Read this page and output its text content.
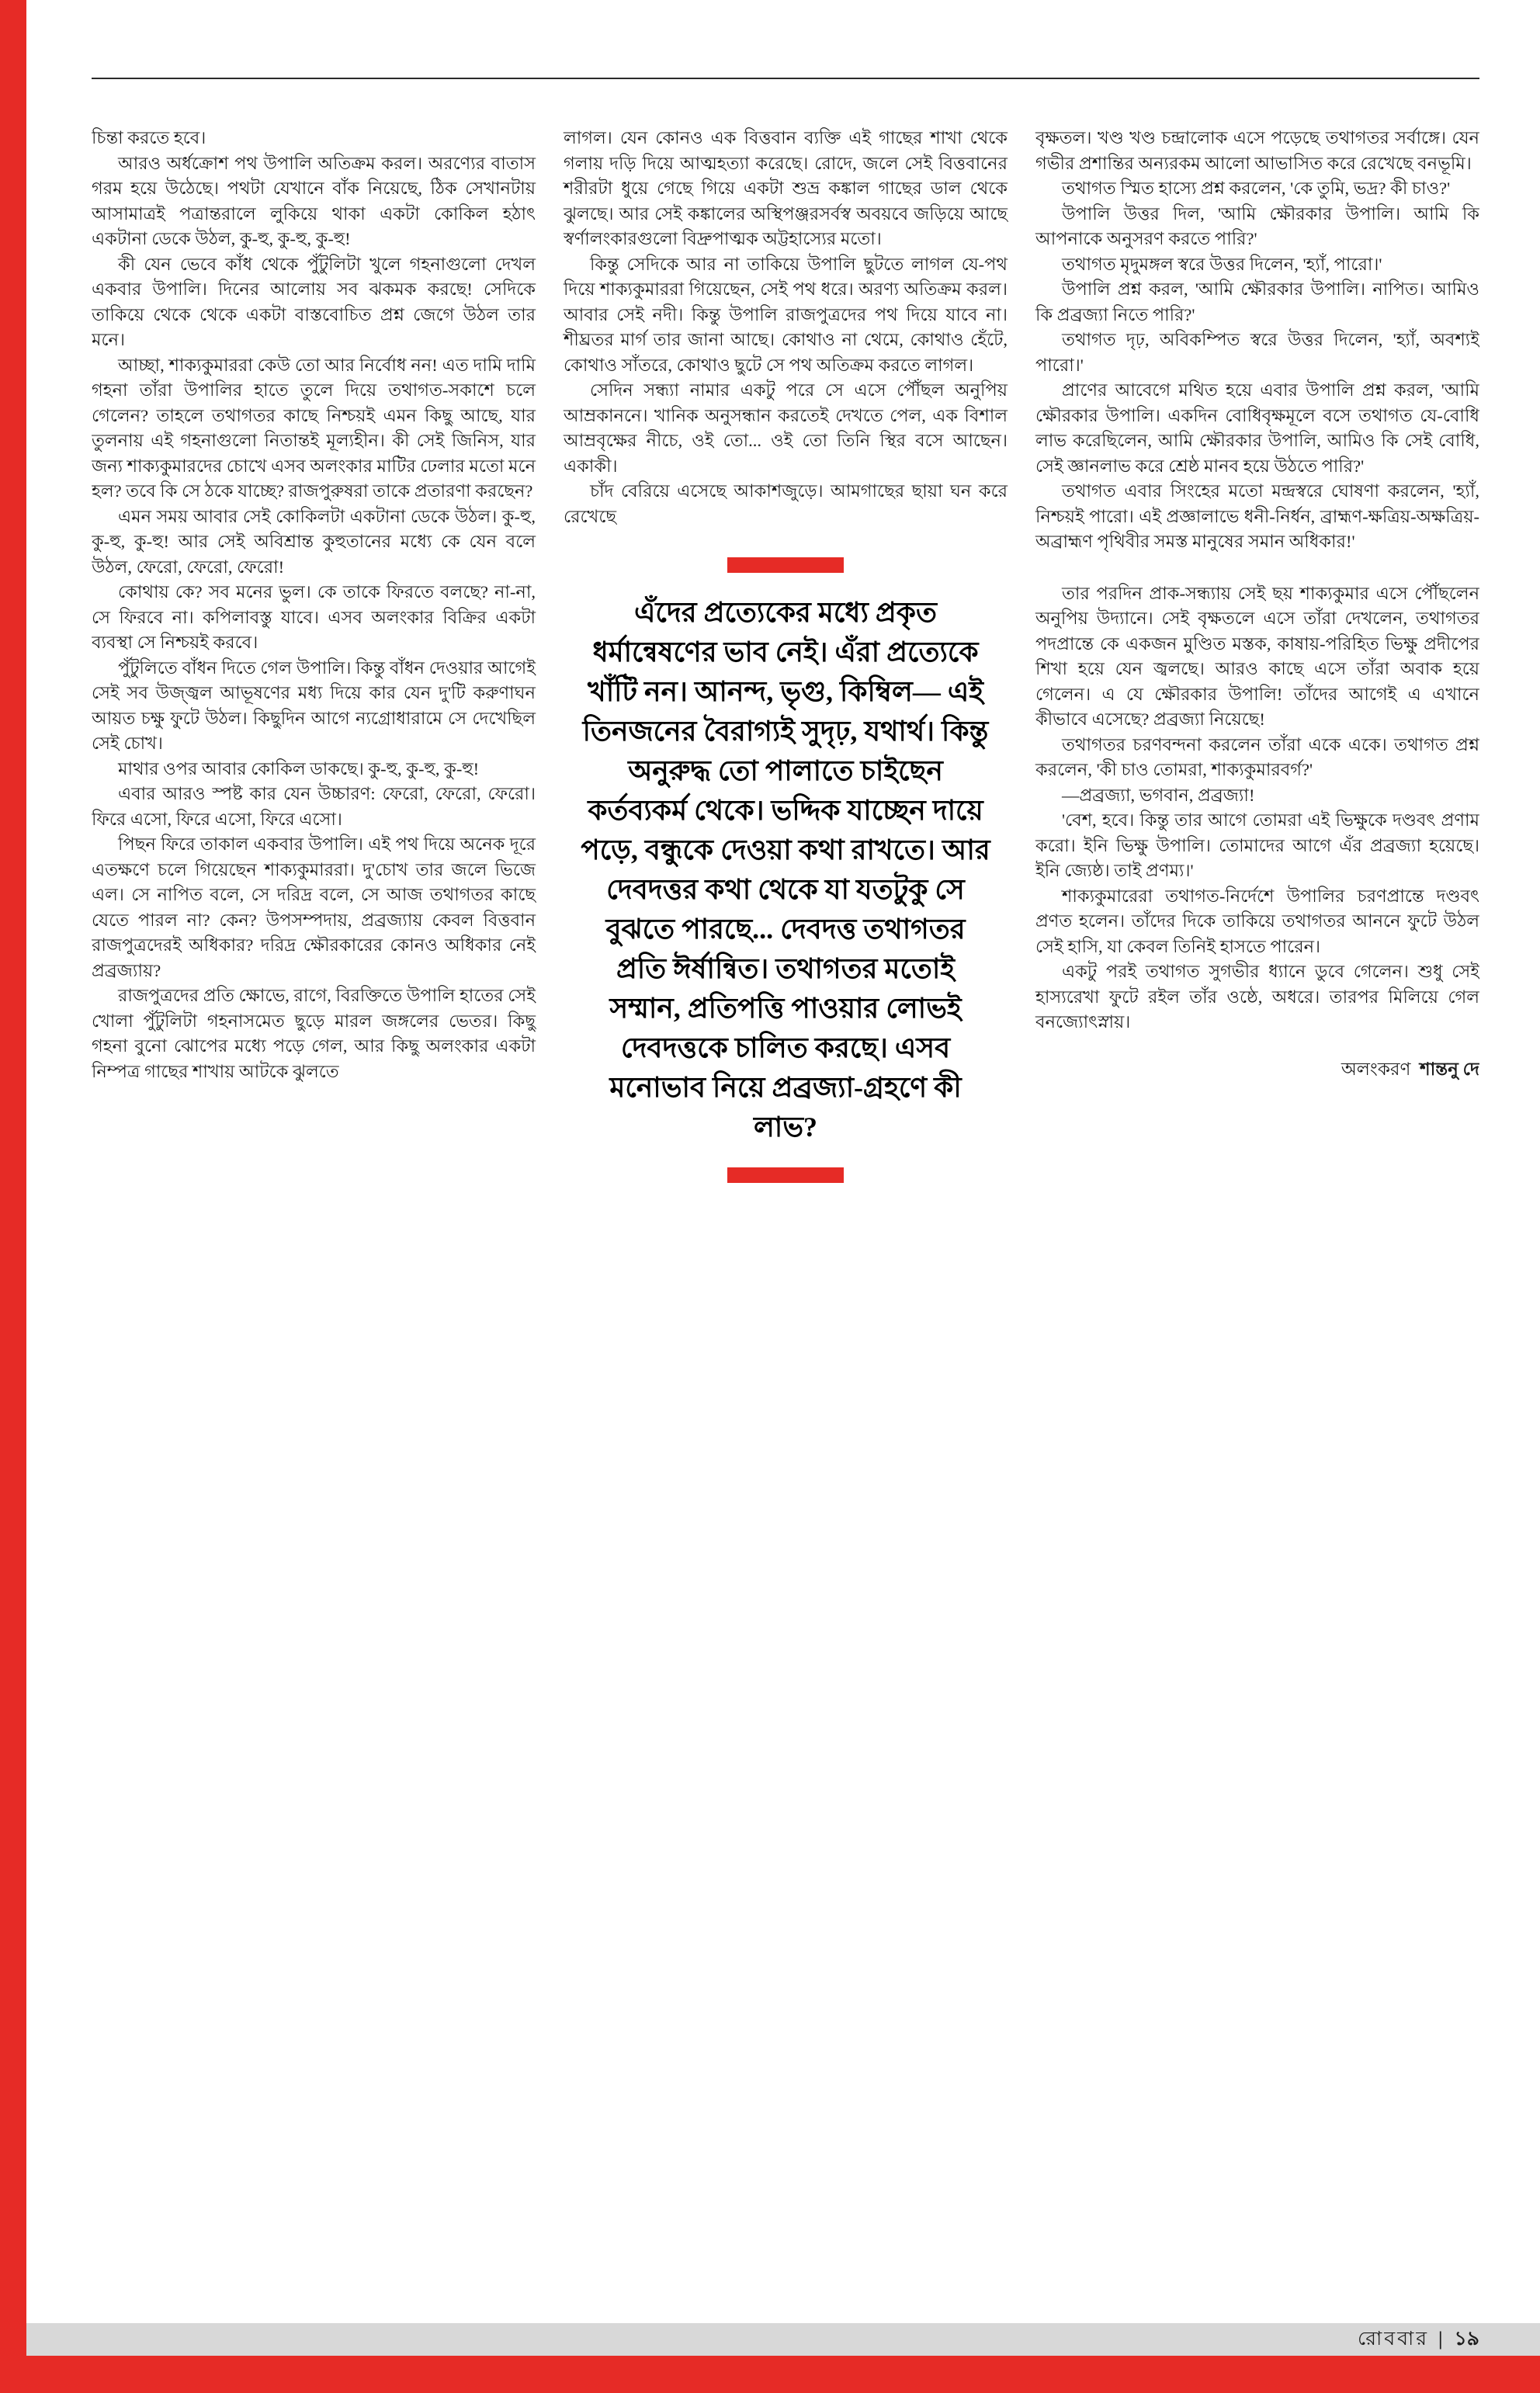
চিন্তা করতে হবে।

আরও অর্ধক্রোশ পথ উপালি অতিক্রম করল। অরণ্যের বাতাস গরম হয়ে উঠেছে। পথটা যেখানে বাঁক নিয়েছে, ঠিক সেখানটায় আসামাত্রই পত্রান্তরালে লুকিয়ে থাকা একটা কোকিল হঠাৎ একটানা ডেকে উঠল, কু-হু, কু-হু, কু-হু!

কী যেন ভেবে কাঁধ থেকে পুঁটুলিটা খুলে গহনাগুলো দেখল একবার উপালি। দিনের আলোয় সব ঝকমক করছে! সেদিকে তাকিয়ে থেকে থেকে একটা বাস্তবোচিত প্রশ্ন জেগে উঠল তার মনে।

আচ্ছা, শাক্যকুমাররা কেউ তো আর নির্বোধ নন! এত দামি দামি গহনা তাঁরা উপালির হাতে তুলে দিয়ে তথাগত-সকাশে চলে গেলেন? তাহলে তথাগতর কাছে নিশ্চয়ই এমন কিছু আছে, যার তুলনায় এই গহনাগুলো নিতান্তই মূল্যহীন। কী সেই জিনিস, যার জন্য শাক্যকুমারদের চোখে এসব অলংকার মাটির ঢেলার মতো মনে হল? তবে কি সে ঠকে যাচ্ছে? রাজপুরুষরা তাকে প্রতারণা করছেন?

এমন সময় আবার সেই কোকিলটা একটানা ডেকে উঠল। কু-হু, কু-হু, কু-হু! আর সেই অবিশ্রান্ত কুহুতানের মধ্যে কে যেন বলে উঠল, ফেরো, ফেরো, ফেরো!

কোথায় কে? সব মনের ভুল। কে তাকে ফিরতে বলছে? না-না, সে ফিরবে না। কপিলাবস্তু যাবে। এসব অলংকার বিক্রির একটা ব্যবস্থা সে নিশ্চয়ই করবে।

পুঁটুলিতে বাঁধন দিতে গেল উপালি। কিন্তু বাঁধন দেওয়ার আগেই সেই সব উজ্জ্বল আভূষণের মধ্য দিয়ে কার যেন দু'টি করুণাঘন আয়ত চক্ষু ফুটে উঠল। কিছুদিন আগে ন্যগ্রোধারামে সে দেখেছিল সেই চোখ।

মাথার ওপর আবার কোকিল ডাকছে। কু-হু, কু-হু, কু-হু!

এবার আরও স্পষ্ট কার যেন উচ্চারণ: ফেরো, ফেরো, ফেরো। ফিরে এসো, ফিরে এসো, ফিরে এসো।

পিছন ফিরে তাকাল একবার উপালি। এই পথ দিয়ে অনেক দূরে এতক্ষণে চলে গিয়েছেন শাক্যকুমাররা। দু'চোখ তার জলে ভিজে এল। সে নাপিত বলে, সে দরিদ্র বলে, সে আজ তথাগতর কাছে যেতে পারল না? কেন? উপসম্পদায়, প্রব্রজ্যায় কেবল বিত্তবান রাজপুত্রদেরই অধিকার? দরিদ্র ক্ষৌরকারের কোনও অধিকার নেই প্রব্রজ্যায়?

রাজপুত্রদের প্রতি ক্ষোভে, রাগে, বিরক্তিতে উপালি হাতের সেই খোলা পুঁটুলিটা গহনাসমেত ছুড়ে মারল জঙ্গলের ভেতর। কিছু গহনা বুনো ঝোপের মধ্যে পড়ে গেল, আর কিছু অলংকার একটা নিম্পত্র গাছের শাখায় আটকে ঝুলতে

লাগল। যেন কোনও এক বিত্তবান ব্যক্তি এই গাছের শাখা থেকে গলায় দড়ি দিয়ে আত্মহত্যা করেছে। রোদে, জলে সেই বিত্তবানের শরীরটা ধুয়ে গেছে গিয়ে একটা শুভ্র কঙ্কাল গাছের ডাল থেকে ঝুলছে। আর সেই কঙ্কালের অস্থিপঞ্জরসর্বস্ব অবয়বে জড়িয়ে আছে স্বর্ণালংকারগুলো বিদ্রুপাত্মক অট্টহাস্যের মতো।

কিন্তু সেদিকে আর না তাকিয়ে উপালি ছুটতে লাগল যে-পথ দিয়ে শাক্যকুমাররা গিয়েছেন, সেই পথ ধরে। অরণ্য অতিক্রম করল। আবার সেই নদী। কিন্তু উপালি রাজপুত্রদের পথ দিয়ে যাবে না। শীঘ্রতর মার্গ তার জানা আছে। কোথাও না থেমে, কোথাও হেঁটে, কোথাও সাঁতরে, কোথাও ছুটে সে পথ অতিক্রম করতে লাগল।

সেদিন সন্ধ্যা নামার একটু পরে সে এসে পৌঁছল অনুপিয় আম্রকাননে। খানিক অনুসন্ধান করতেই দেখতে পেল, এক বিশাল আম্রবৃক্ষের নীচে, ওই তো... ওই তো তিনি স্থির বসে আছেন। একাকী।

চাঁদ বেরিয়ে এসেছে আকাশজুড়ে। আমগাছের ছায়া ঘন করে রেখেছে

এঁদের প্রত্যেকের মধ্যে প্রকৃত ধর্মান্বেষণের ভাব নেই। এঁরা প্রত্যেকে খাঁটি নন। আনন্দ, ভৃগু, কিম্বিল— এই তিনজনের বৈরাগ্যই সুদৃঢ়, যথার্থ। কিন্তু অনুরুদ্ধ তো পালাতে চাইছেন কর্তব্যকর্ম থেকে। ভদ্দিক যাচ্ছেন দায়ে পড়ে, বন্ধুকে দেওয়া কথা রাখতে। আর দেবদত্তর কথা থেকে যা যতটুকু সে বুঝতে পারছে... দেবদত্ত তথাগতর প্রতি ঈর্ষান্বিত। তথাগতর মতোই সম্মান, প্রতিপত্তি পাওয়ার লোভই দেবদত্তকে চালিত করছে। এসব মনোভাব নিয়ে প্রব্রজ্যা-গ্রহণে কী লাভ?

বৃক্ষতল। খণ্ড খণ্ড চন্দ্রালোক এসে পড়েছে তথাগতর সর্বাঙ্গে। যেন গভীর প্রশান্তির অন্যরকম আলো আভাসিত করে রেখেছে বনভূমি।

তথাগত স্মিত হাস্যে প্রশ্ন করলেন, 'কে তুমি, ভদ্র? কী চাও?'

উপালি উত্তর দিল, 'আমি ক্ষৌরকার উপালি। আমি কি আপনাকে অনুসরণ করতে পারি?'

তথাগত মৃদুমঙ্গল স্বরে উত্তর দিলেন, 'হ্যাঁ, পারো।'

উপালি প্রশ্ন করল, 'আমি ক্ষৌরকার উপালি। নাপিত। আমিও কি প্রব্রজ্যা নিতে পারি?'

তথাগত দৃঢ়, অবিকম্পিত স্বরে উত্তর দিলেন, 'হ্যাঁ, অবশ্যই পারো।'

প্রাণের আবেগে মথিত হয়ে এবার উপালি প্রশ্ন করল, 'আমি ক্ষৌরকার উপালি। একদিন বোধিবৃক্ষমূলে বসে তথাগত যে-বোধি লাভ করেছিলেন, আমি ক্ষৌরকার উপালি, আমিও কি সেই বোধি, সেই জ্ঞানলাভ করে শ্রেষ্ঠ মানব হয়ে উঠতে পারি?'

তথাগত এবার সিংহের মতো মন্দ্রস্বরে ঘোষণা করলেন, 'হ্যাঁ, নিশ্চয়ই পারো। এই প্রজ্ঞালাভে ধনী-নির্ধন, ব্রাহ্মণ-ক্ষত্রিয়-অক্ষত্রিয়-অব্রাহ্মণ পৃথিবীর সমস্ত মানুষের সমান অধিকার!'

তার পরদিন প্রাক-সন্ধ্যায় সেই ছয় শাক্যকুমার এসে পৌঁছলেন অনুপিয় উদ্যানে। সেই বৃক্ষতলে এসে তাঁরা দেখলেন, তথাগতর পদপ্রান্তে কে একজন মুণ্ডিত মস্তক, কাষায়-পরিহিত ভিক্ষু প্রদীপের শিখা হয়ে যেন জ্বলছে। আরও কাছে এসে তাঁরা অবাক হয়ে গেলেন। এ যে ক্ষৌরকার উপালি! তাঁদের আগেই এ এখানে কীভাবে এসেছে? প্রব্রজ্যা নিয়েছে!

তথাগতর চরণবন্দনা করলেন তাঁরা একে একে। তথাগত প্রশ্ন করলেন, 'কী চাও তোমরা, শাক্যকুমারবর্গ?'

—প্রব্রজ্যা, ভগবান, প্রব্রজ্যা!

'বেশ, হবে। কিন্তু তার আগে তোমরা এই ভিক্ষুকে দণ্ডবৎ প্রণাম করো। ইনি ভিক্ষু উপালি। তোমাদের আগে এঁর প্রব্রজ্যা হয়েছে। ইনি জ্যেষ্ঠ। তাই প্রণম্য।'

শাক্যকুমারেরা তথাগত-নির্দেশে উপালির চরণপ্রান্তে দণ্ডবৎ প্রণত হলেন। তাঁদের দিকে তাকিয়ে তথাগতর আননে ফুটে উঠল সেই হাসি, যা কেবল তিনিই হাসতে পারেন।

একটু পরই তথাগত সুগভীর ধ্যানে ডুবে গেলেন। শুধু সেই হাস্যরেখা ফুটে রইল তাঁর ওষ্ঠে, অধরে। তারপর মিলিয়ে গেল বনজ্যোৎস্নায়।

অলংকরণ শান্তনু দে
রোববার | ১৯
